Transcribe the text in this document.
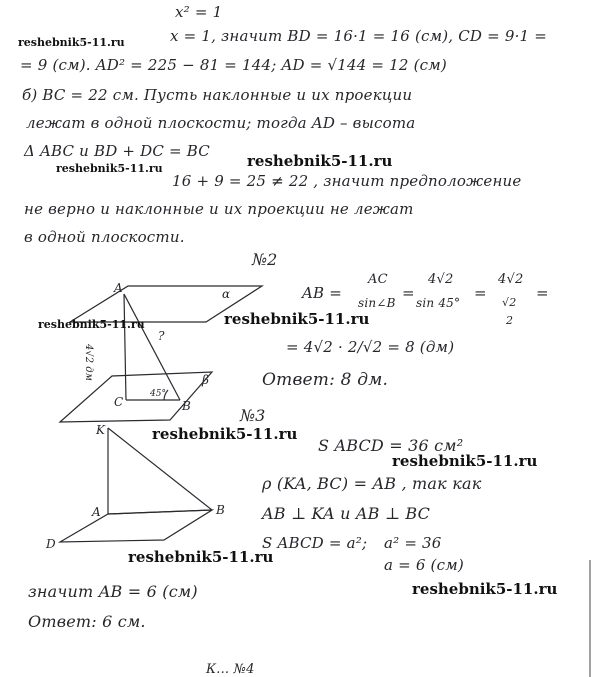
x² = 1
x = 1, значит BD = 16·1 = 16 (см), CD = 9·1 =
= 9 (см). AD² = 225 − 81 = 144; AD = √144 = 12 (см)
б) BC = 22 см. Пусть наклонные и их проекции
лежат в одной плоскости; тогда AD – высота
Δ ABC и BD + DC = BC
16 + 9 = 25 ≠ 22 , значит предположение
не верно и наклонные и их проекции не лежат
в одной плоскости.
№2
AB =
AC
sin∠B
=
4√2
sin 45°
=
4√2
√2
2
=
= 4√2 · 2/√2 = 8 (дм)
Ответ: 8 дм.
№3
S ABCD = 36 см²
ρ (KA, BC) = AB , так как
AB ⊥ KA и AB ⊥ BC
S ABCD = a²; a² = 36
a = 6 (см)
значит AB = 6 (см)
Ответ: 6 см.
К... №4
A	α
β
C	B
?
4√2 дм
45°
K
A	B
D
reshebnik5-11.ru
reshebnik5-11.ru
reshebnik5-11.ru
reshebnik5-11.ru	reshebnik5-11.ru
reshebnik5-11.ru
reshebnik5-11.ru
reshebnik5-11.ru
reshebnik5-11.ru
